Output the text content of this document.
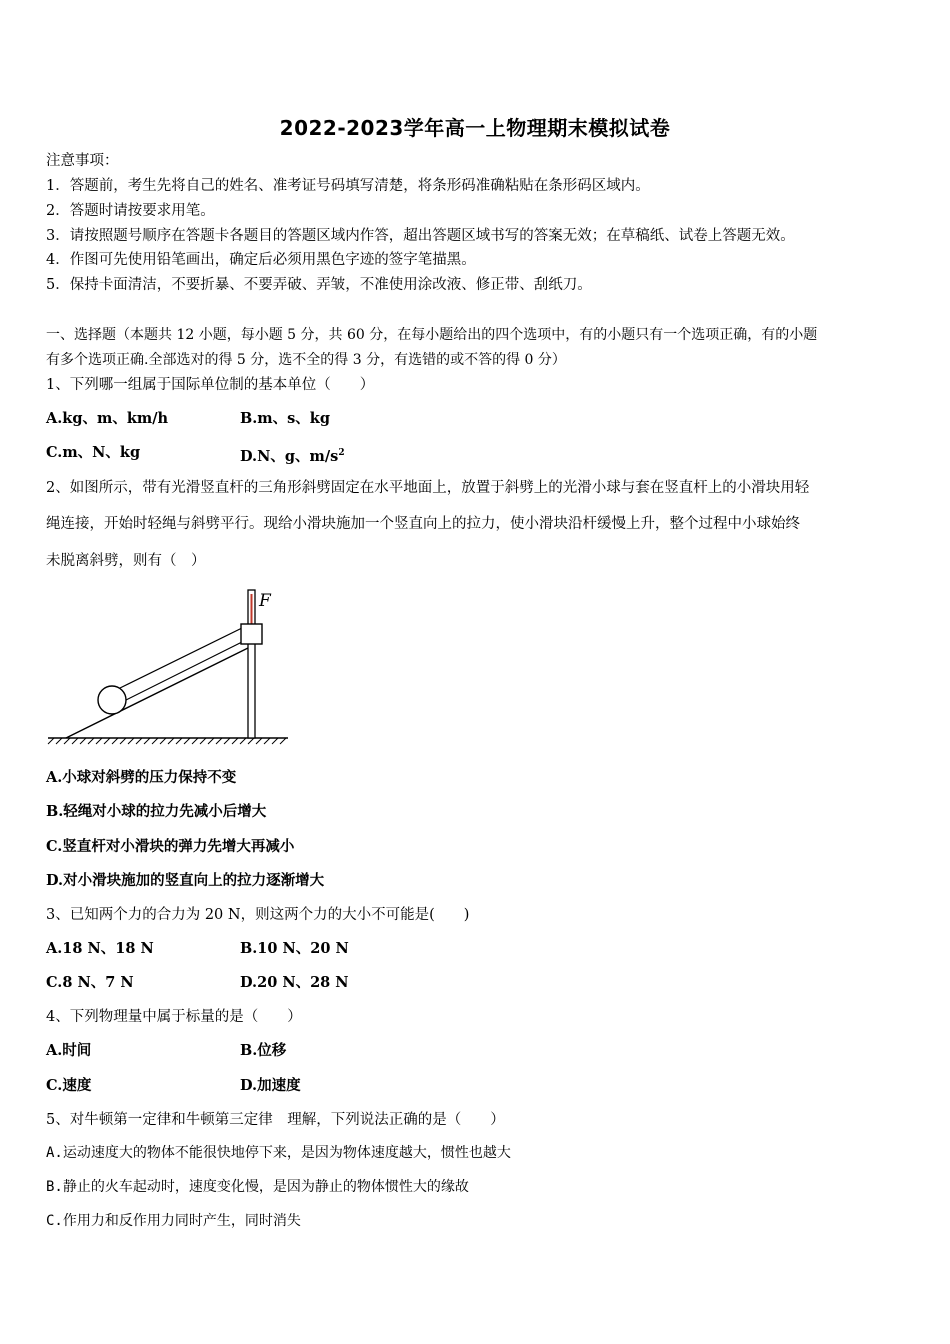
2022-2023学年高一上物理期末模拟试卷
注意事项：
1．答题前，考生先将自己的姓名、准考证号码填写清楚，将条形码准确粘贴在条形码区域内。
2．答题时请按要求用笔。
3．请按照题号顺序在答题卡各题目的答题区域内作答，超出答题区域书写的答案无效；在草稿纸、试卷上答题无效。
4．作图可先使用铅笔画出，确定后必须用黑色字迹的签字笔描黑。
5．保持卡面清洁，不要折暴、不要弄破、弄皱，不准使用涂改液、修正带、刮纸刀。
一、选择题（本题共 12 小题，每小题 5 分，共 60 分，在每小题给出的四个选项中，有的小题只有一个选项正确，有的小题
有多个选项正确.全部选对的得 5 分，选不全的得 3 分，有选错的或不答的得 0 分）
1、下列哪一组属于国际单位制的基本单位（　　）
A.kg、m、km/h	B.m、s、kg
C.m、N、kg	D.N、g、$m/s^2$
2、如图所示，带有光滑竖直杆的三角形斜劈固定在水平地面上，放置于斜劈上的光滑小球与套在竖直杆上的小滑块用轻
绳连接，开始时轻绳与斜劈平行。现给小滑块施加一个竖直向上的拉力，使小滑块沿杆缓慢上升，整个过程中小球始终
未脱离斜劈，则有（　）
F
A.小球对斜劈的压力保持不变
B.轻绳对小球的拉力先减小后增大
C.竖直杆对小滑块的弹力先增大再减小
D.对小滑块施加的竖直向上的拉力逐渐增大
3、已知两个力的合力为 20 N，则这两个力的大小不可能是(　　)
A.18 N、18 N	B.10 N、20 N
C.8 N、7 N	D.20 N、28 N
4、下列物理量中属于标量的是（　　）
A.时间	B.位移
C.速度	D.加速度
5、对牛顿第一定律和牛顿第三定律　理解，下列说法正确的是（　　）
A.运动速度大的物体不能很快地停下来，是因为物体速度越大，惯性也越大
B.静止的火车起动时，速度变化慢，是因为静止的物体惯性大的缘故
C.作用力和反作用力同时产生，同时消失
